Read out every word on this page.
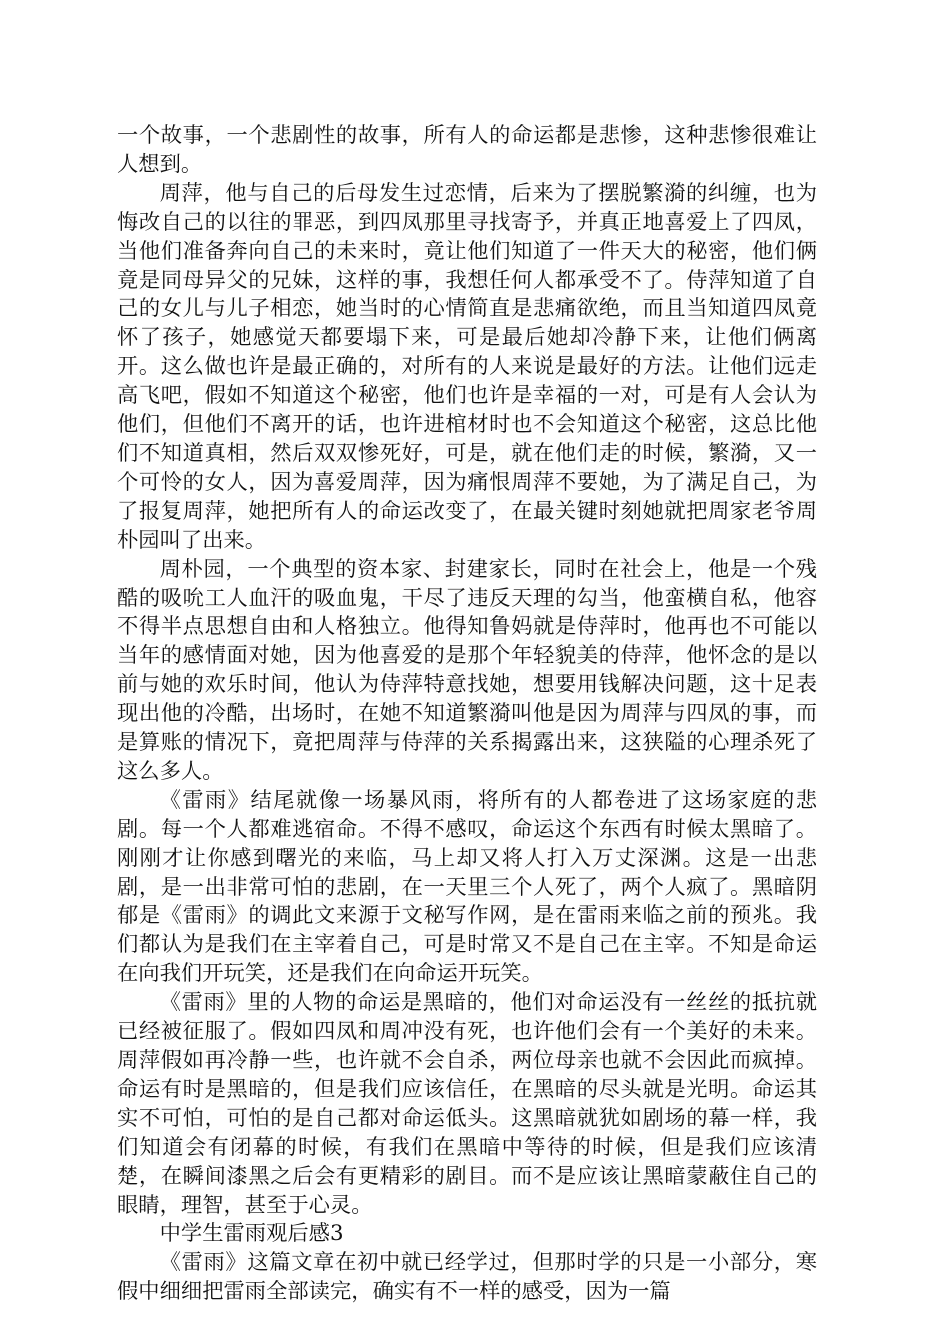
一个故事，一个悲剧性的故事，所有人的命运都是悲惨，这种悲惨很难让人想到。

周萍，他与自己的后母发生过恋情，后来为了摆脱繁漪的纠缠，也为悔改自己的以往的罪恶，到四凤那里寻找寄予，并真正地喜爱上了四凤，当他们准备奔向自己的未来时，竟让他们知道了一件天大的秘密，他们俩竟是同母异父的兄妹，这样的事，我想任何人都承受不了。侍萍知道了自己的女儿与儿子相恋，她当时的心情简直是悲痛欲绝，而且当知道四凤竟怀了孩子，她感觉天都要塌下来，可是最后她却冷静下来，让他们俩离开。这么做也许是最正确的，对所有的人来说是最好的方法。让他们远走高飞吧，假如不知道这个秘密，他们也许是幸福的一对，可是有人会认为他们，但他们不离开的话，也许进棺材时也不会知道这个秘密，这总比他们不知道真相，然后双双惨死好，可是，就在他们走的时候，繁漪，又一个可怜的女人，因为喜爱周萍，因为痛恨周萍不要她，为了满足自己，为了报复周萍，她把所有人的命运改变了，在最关键时刻她就把周家老爷周朴园叫了出来。

周朴园，一个典型的资本家、封建家长，同时在社会上，他是一个残酷的吸吮工人血汗的吸血鬼，干尽了违反天理的勾当，他蛮横自私，他容不得半点思想自由和人格独立。他得知鲁妈就是侍萍时，他再也不可能以当年的感情面对她，因为他喜爱的是那个年轻貌美的侍萍，他怀念的是以前与她的欢乐时间，他认为侍萍特意找她，想要用钱解决问题，这十足表现出他的冷酷，出场时，在她不知道繁漪叫他是因为周萍与四凤的事，而是算账的情况下，竟把周萍与侍萍的关系揭露出来，这狭隘的心理杀死了这么多人。

《雷雨》结尾就像一场暴风雨，将所有的人都卷进了这场家庭的悲剧。每一个人都难逃宿命。不得不感叹，命运这个东西有时候太黑暗了。刚刚才让你感到曙光的来临，马上却又将人打入万丈深渊。这是一出悲剧，是一出非常可怕的悲剧，在一天里三个人死了，两个人疯了。黑暗阴郁是《雷雨》的调此文来源于文秘写作网，是在雷雨来临之前的预兆。我们都认为是我们在主宰着自己，可是时常又不是自己在主宰。不知是命运在向我们开玩笑，还是我们在向命运开玩笑。

《雷雨》里的人物的命运是黑暗的，他们对命运没有一丝丝的抵抗就已经被征服了。假如四凤和周冲没有死，也许他们会有一个美好的未来。周萍假如再冷静一些，也许就不会自杀，两位母亲也就不会因此而疯掉。命运有时是黑暗的，但是我们应该信任，在黑暗的尽头就是光明。命运其实不可怕，可怕的是自己都对命运低头。这黑暗就犹如剧场的幕一样，我们知道会有闭幕的时候，有我们在黑暗中等待的时候，但是我们应该清楚，在瞬间漆黑之后会有更精彩的剧目。而不是应该让黑暗蒙蔽住自己的眼睛，理智，甚至于心灵。

中学生雷雨观后感3

《雷雨》这篇文章在初中就已经学过，但那时学的只是一小部分，寒假中细细把雷雨全部读完，确实有不一样的感受，因为一篇
